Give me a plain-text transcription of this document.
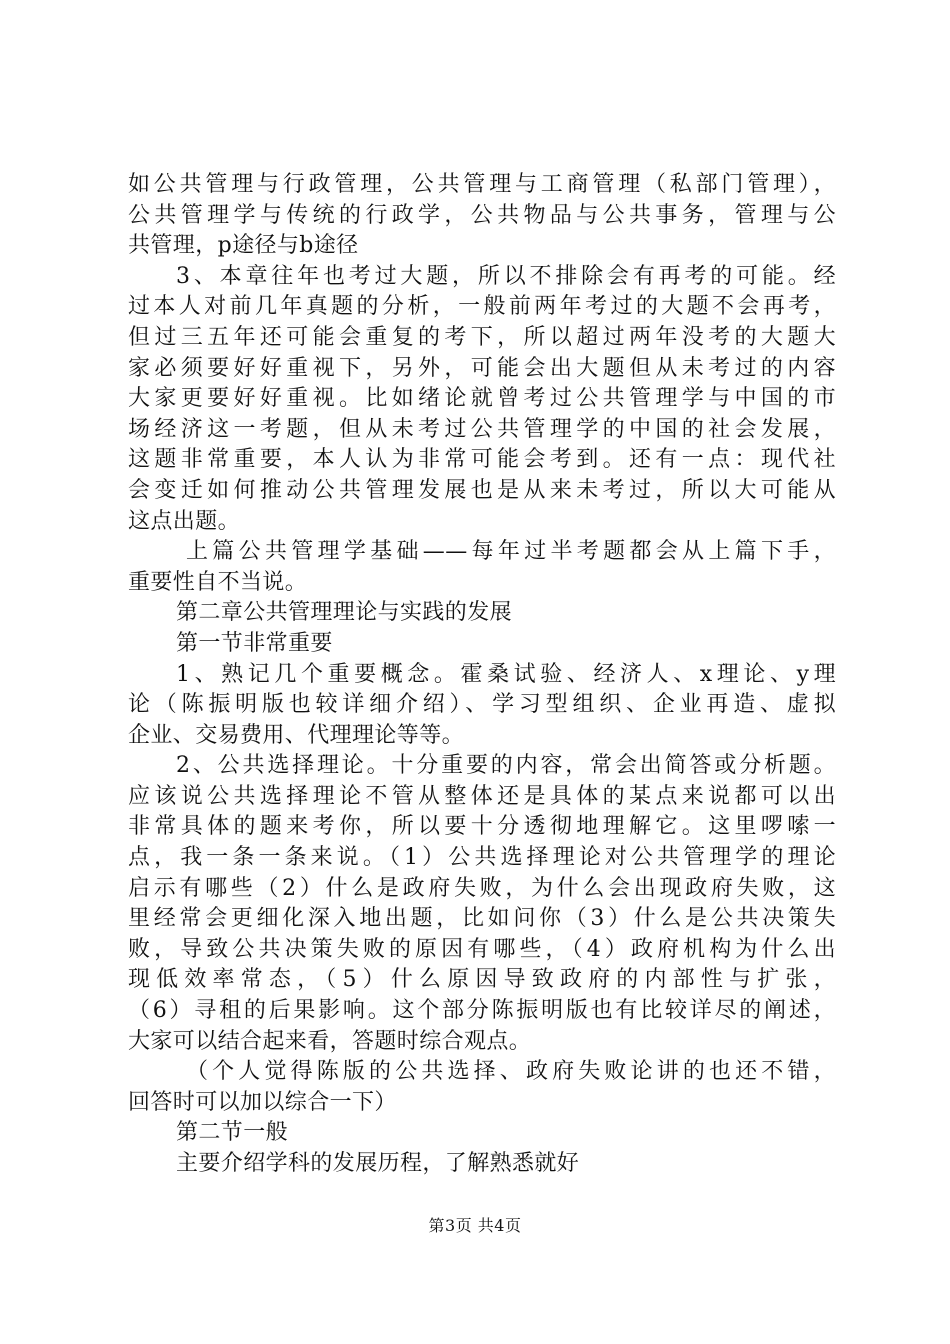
如公共管理与行政管理，公共管理与工商管理（私部门管理），
公共管理学与传统的行政学，公共物品与公共事务，管理与公
共管理，p途径与b途径
3、本章往年也考过大题，所以不排除会有再考的可能。经
过本人对前几年真题的分析，一般前两年考过的大题不会再考，
但过三五年还可能会重复的考下，所以超过两年没考的大题大
家必须要好好重视下，另外，可能会出大题但从未考过的内容
大家更要好好重视。比如绪论就曾考过公共管理学与中国的市
场经济这一考题，但从未考过公共管理学的中国的社会发展，
这题非常重要，本人认为非常可能会考到。还有一点：现代社
会变迁如何推动公共管理发展也是从来未考过，所以大可能从
这点出题。
上篇公共管理学基础——每年过半考题都会从上篇下手，
重要性自不当说。
第二章公共管理理论与实践的发展
第一节非常重要
1、熟记几个重要概念。霍桑试验、经济人、x理论、y理
论（陈振明版也较详细介绍）、学习型组织、企业再造、虚拟
企业、交易费用、代理理论等等。
2、公共选择理论。十分重要的内容，常会出简答或分析题。
应该说公共选择理论不管从整体还是具体的某点来说都可以出
非常具体的题来考你，所以要十分透彻地理解它。这里啰嗦一
点，我一条一条来说。（1）公共选择理论对公共管理学的理论
启示有哪些（2）什么是政府失败，为什么会出现政府失败，这
里经常会更细化深入地出题，比如问你（3）什么是公共决策失
败，导致公共决策失败的原因有哪些，（4）政府机构为什么出
现低效率常态，（5）什么原因导致政府的内部性与扩张，
（6）寻租的后果影响。这个部分陈振明版也有比较详尽的阐述，
大家可以结合起来看，答题时综合观点。
（个人觉得陈版的公共选择、政府失败论讲的也还不错，
回答时可以加以综合一下）
第二节一般
主要介绍学科的发展历程，了解熟悉就好
第3页 共4页
